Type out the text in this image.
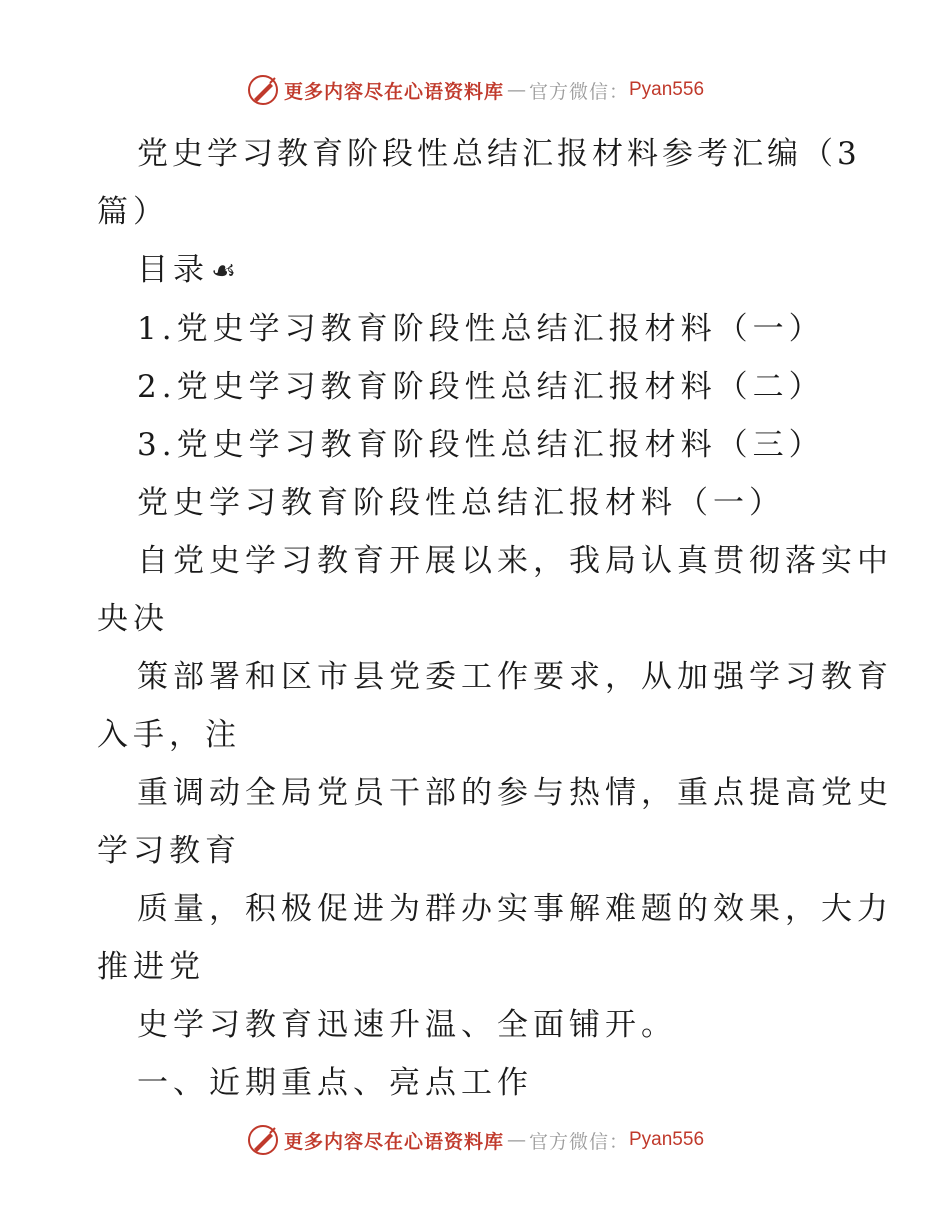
更多内容尽在心语资料库 — 官方微信： Pyan556

党史学习教育阶段性总结汇报材料参考汇编（3

篇）

目录☙

1.党史学习教育阶段性总结汇报材料（一）

2.党史学习教育阶段性总结汇报材料（二）

3.党史学习教育阶段性总结汇报材料（三）

党史学习教育阶段性总结汇报材料（一）

自党史学习教育开展以来，我局认真贯彻落实中

央决

策部署和区市县党委工作要求，从加强学习教育

入手，注

重调动全局党员干部的参与热情，重点提高党史

学习教育

质量，积极促进为群办实事解难题的效果，大力

推进党

史学习教育迅速升温、全面铺开。

一、近期重点、亮点工作

更多内容尽在心语资料库 — 官方微信： Pyan556
